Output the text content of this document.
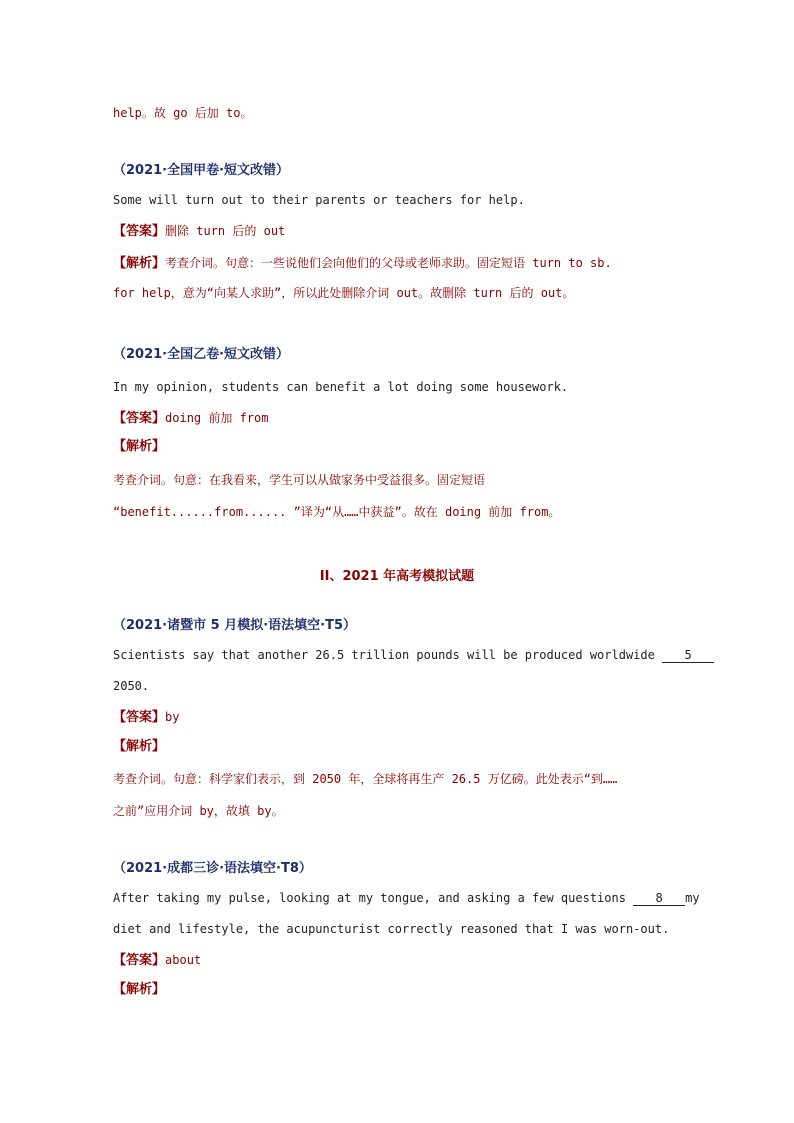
help。故 go 后加 to。
（2021·全国甲卷·短文改错）
Some will turn out to their parents or teachers for help.
【答案】删除 turn 后的 out
【解析】考查介词。句意：一些说他们会向他们的父母或老师求助。固定短语 turn to sb.
for help，意为“向某人求助”，所以此处删除介词 out。故删除 turn 后的 out。
（2021·全国乙卷·短文改错）
In my opinion, students can benefit a lot doing some housework.
【答案】doing 前加 from
【解析】
考查介词。句意：在我看来，学生可以从做家务中受益很多。固定短语
“benefit......from...... ”译为“从……中获益”。故在 doing 前加 from。
II、2021 年高考模拟试题
（2021·诸暨市 5 月模拟·语法填空·T5）
Scientists say that another 26.5 trillion pounds will be produced worldwide 5
2050.
【答案】by
【解析】
考查介词。句意：科学家们表示，到 2050 年，全球将再生产 26.5 万亿磅。此处表示“到……
之前”应用介词 by，故填 by。
（2021·成都三诊·语法填空·T8）
After taking my pulse, looking at my tongue, and asking a few questions 8 my
diet and lifestyle, the acupuncturist correctly reasoned that I was worn-out.
【答案】about
【解析】
